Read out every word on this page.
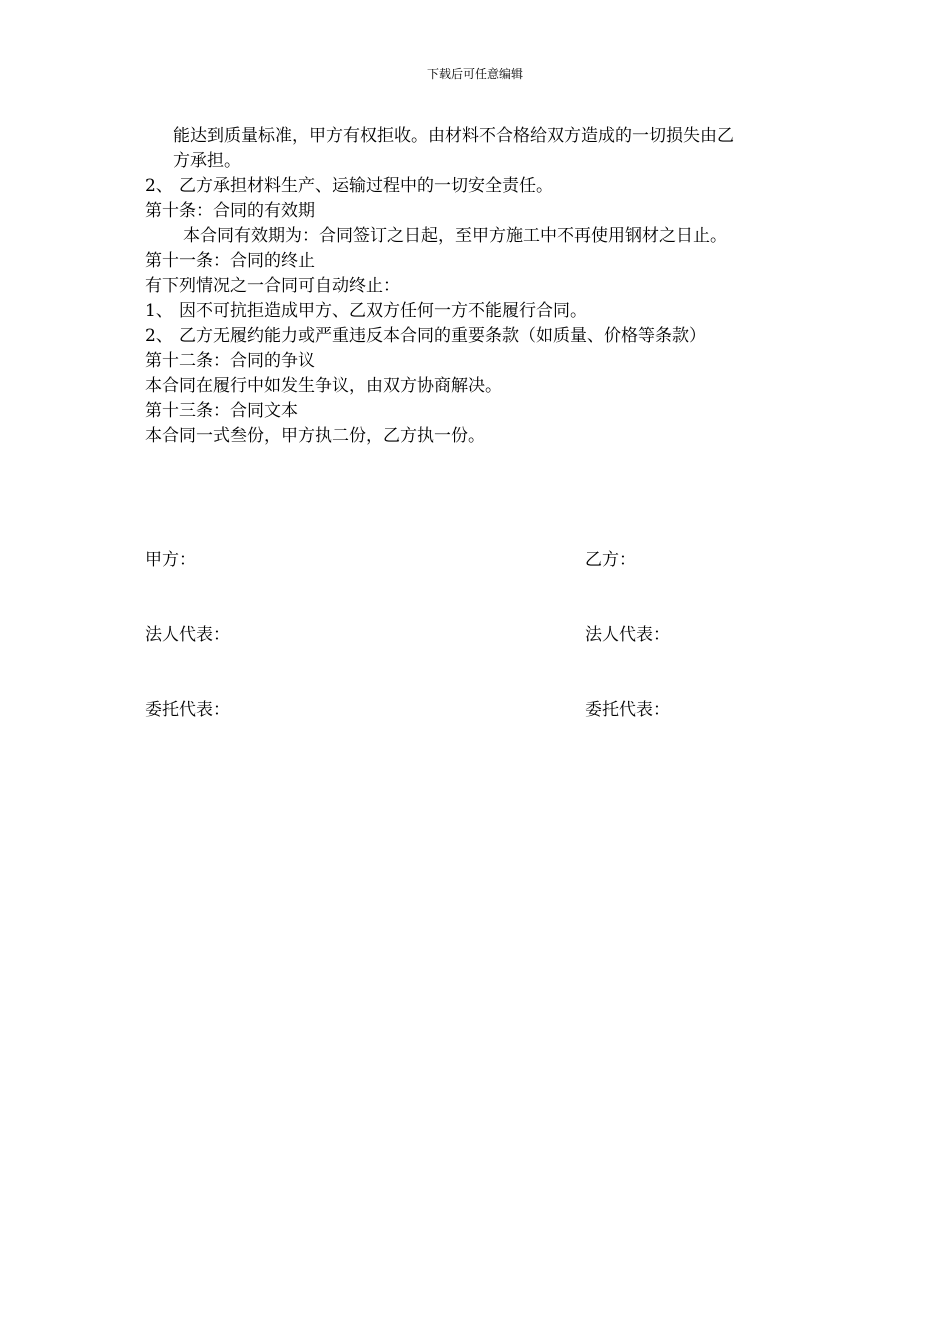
下载后可任意编辑
能达到质量标准，甲方有权拒收。由材料不合格给双方造成的一切损失由乙
方承担。
2、 乙方承担材料生产、运输过程中的一切安全责任。
第十条：合同的有效期
本合同有效期为：合同签订之日起，至甲方施工中不再使用钢材之日止。
第十一条：合同的终止
有下列情况之一合同可自动终止：
1、 因不可抗拒造成甲方、乙双方任何一方不能履行合同。
2、 乙方无履约能力或严重违反本合同的重要条款（如质量、价格等条款）
第十二条：合同的争议
本合同在履行中如发生争议，由双方协商解决。
第十三条：合同文本
本合同一式叁份，甲方执二份，乙方执一份。
甲方：	乙方：
法人代表：	法人代表：
委托代表：	委托代表：
